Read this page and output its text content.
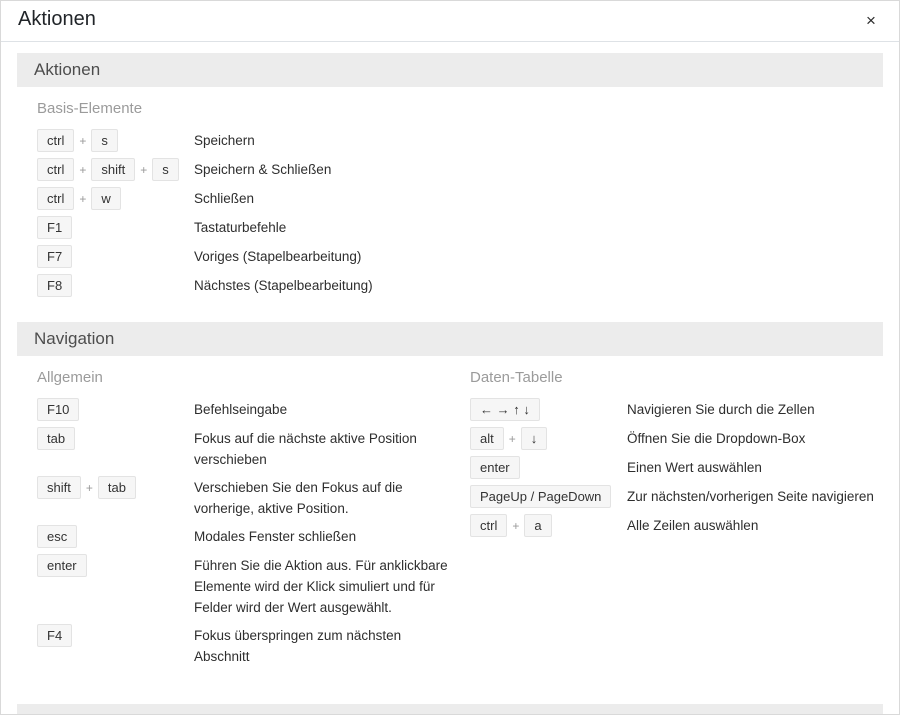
Aktionen	×
Aktionen
Basis-Elemente
ctrl	+	s	Speichern
ctrl	+	shift	+	s	Speichern & Schließen
ctrl	+	w	Schließen
F1	Tastaturbefehle
F7	Voriges (Stapelbearbeitung)
F8	Nächstes (Stapelbearbeitung)
Navigation
Allgemein
F10	Befehlseingabe
tab	Fokus auf die nächste aktive Position verschieben
shift	+	tab	Verschieben Sie den Fokus auf die vorherige, aktive Position.
esc	Modales Fenster schließen
enter	Führen Sie die Aktion aus. Für anklickbare Elemente wird der Klick simuliert und für Felder wird der Wert ausgewählt.
F4	Fokus überspringen zum nächsten Abschnitt
Daten-Tabelle
← → ↑ ↓	Navigieren Sie durch die Zellen
alt	+	↓	Öffnen Sie die Dropdown-Box
enter	Einen Wert auswählen
PageUp / PageDown	Zur nächsten/vorherigen Seite navigieren
ctrl	+	a	Alle Zeilen auswählen
